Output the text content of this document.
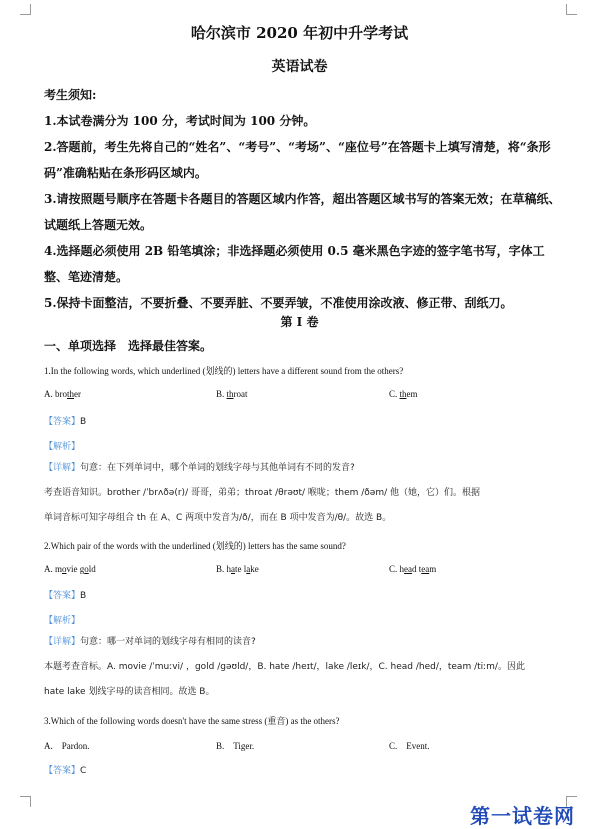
哈尔滨市 2020 年初中升学考试
英语试卷

考生须知:

1.本试卷满分为 100 分，考试时间为 100 分钟。

2.答题前，考生先将自己的“姓名”、“考号”、“考场”、“座位号”在答题卡上填写清楚，将“条形码”准确粘贴在条形码区域内。

3.请按照题号顺序在答题卡各题目的答题区域内作答，超出答题区域书写的答案无效；在草稿纸、试题纸上答题无效。

4.选择题必须使用 2B 铅笔填涂；非选择题必须使用 0.5 毫米黑色字迹的签字笔书写，字体工整、笔迹清楚。

5.保持卡面整洁，不要折叠、不要弄脏、不要弄皱，不准使用涂改液、修正带、刮纸刀。

第 I 卷
一、单项选择　选择最佳答案。
1.In the following words, which underlined (划线的) letters have a different sound from the others?
A. brother	B. throat	C. them
【答案】B
【解析】

【详解】句意：在下列单词中，哪个单词的划线字母与其他单词有不同的发音?

考查语音知识。brother /ˈbrʌðə(r)/ 哥哥，弟弟；throat /θrəʊt/ 喉咙；them /ðəm/ 他（她，它）们。根据

单词音标可知字母组合 th 在 A、C 两项中发音为/ð/，而在 B 项中发音为/θ/。故选 B。

2.Which pair of the words with the underlined (划线的) letters has the same sound?
A. movie gold	B. hate lake	C. head team
【答案】B
【解析】

【详解】句意：哪一对单词的划线字母有相同的读音?

本题考查音标。A. movie /ˈmuːvi/ ，gold /gəʊld/，B. hate /heɪt/，lake /leɪk/，C. head /hed/，team /tiːm/。因此

hate lake 划线字母的读音相同。故选 B。

3.Which of the following words doesn't have the same stress (重音) as the others?
A.　Pardon.	B.　Tiger.	C.　Event.
【答案】C
第一试卷网
